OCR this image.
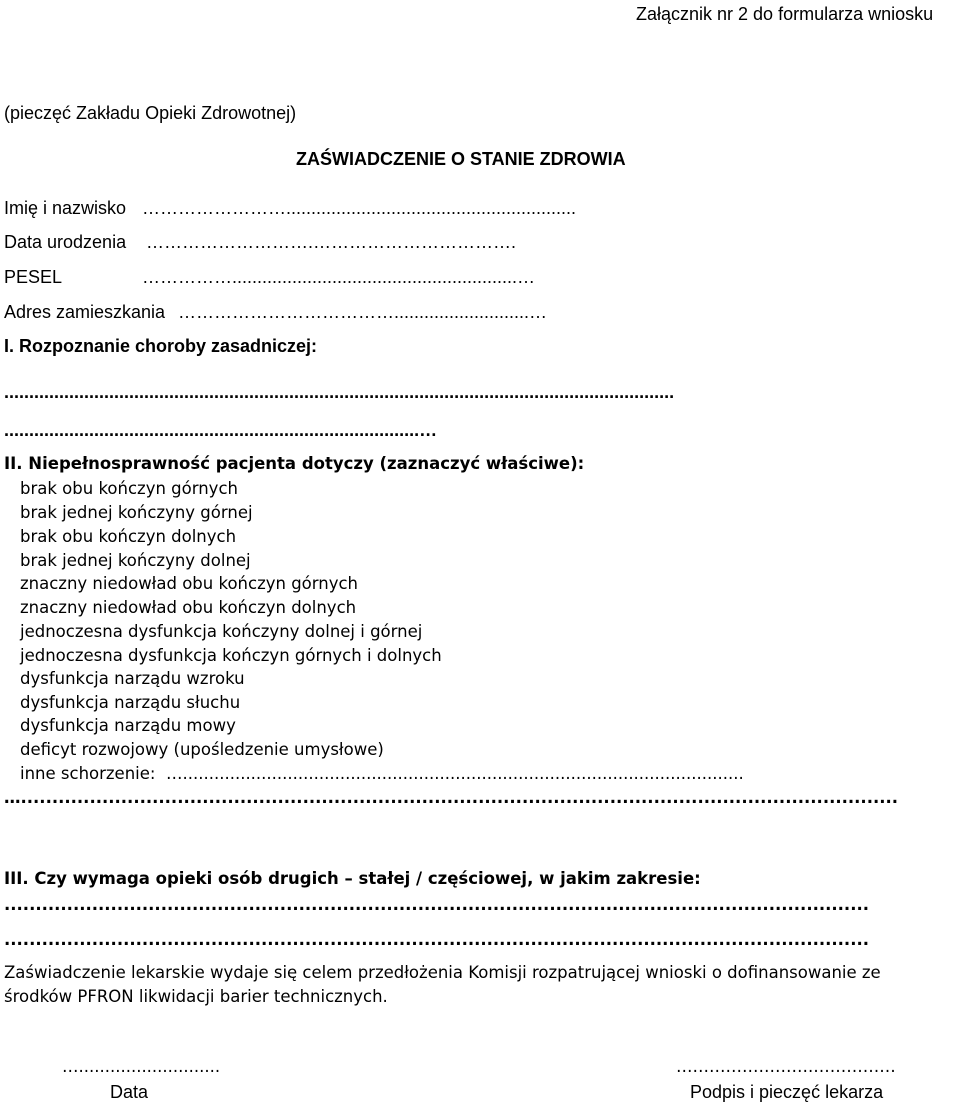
Załącznik nr 2 do formularza wniosku
(pieczęć Zakładu Opieki Zdrowotnej)
ZAŚWIADCZENIE O STANIE ZDROWIA
Imię i nazwisko ……………………..........................................................
Data urodzenia ……………………….…………………………….
PESEL	…………….........................................................…
Adres zamieszkania ………………………………...........................…
I. Rozpoznanie choroby zasadniczej:
......................................................................................................................................
...................................................................................…
II. Niepełnosprawność pacjenta dotyczy (zaznaczyć właściwe):
brak obu kończyn górnych
brak jednej kończyny górnej
brak obu kończyn dolnych
brak jednej kończyny dolnej
znaczny niedowład obu kończyn górnych
znaczny niedowład obu kończyn dolnych
jednoczesna dysfunkcja kończyny dolnej i górnej
jednoczesna dysfunkcja kończyn górnych i dolnych
dysfunkcja narządu wzroku
dysfunkcja narządu słuchu
dysfunkcja narządu mowy
deficyt rozwojowy (upośledzenie umysłowe)
inne schorzenie: …...........................................................................................................
…............................................................................................................................................
III. Czy wymaga opieki osób drugich – stałej / częściowej, w jakim zakresie:
..........................................................................................................................................
..........................................................................................................................................
Zaświadczenie lekarskie wydaje się celem przedłożenia Komisji rozpatrującej wnioski o dofinansowanie ze
środków PFRON likwidacji barier technicznych.
…...........................
Data
…………………….……………
Podpis i pieczęć lekarza
